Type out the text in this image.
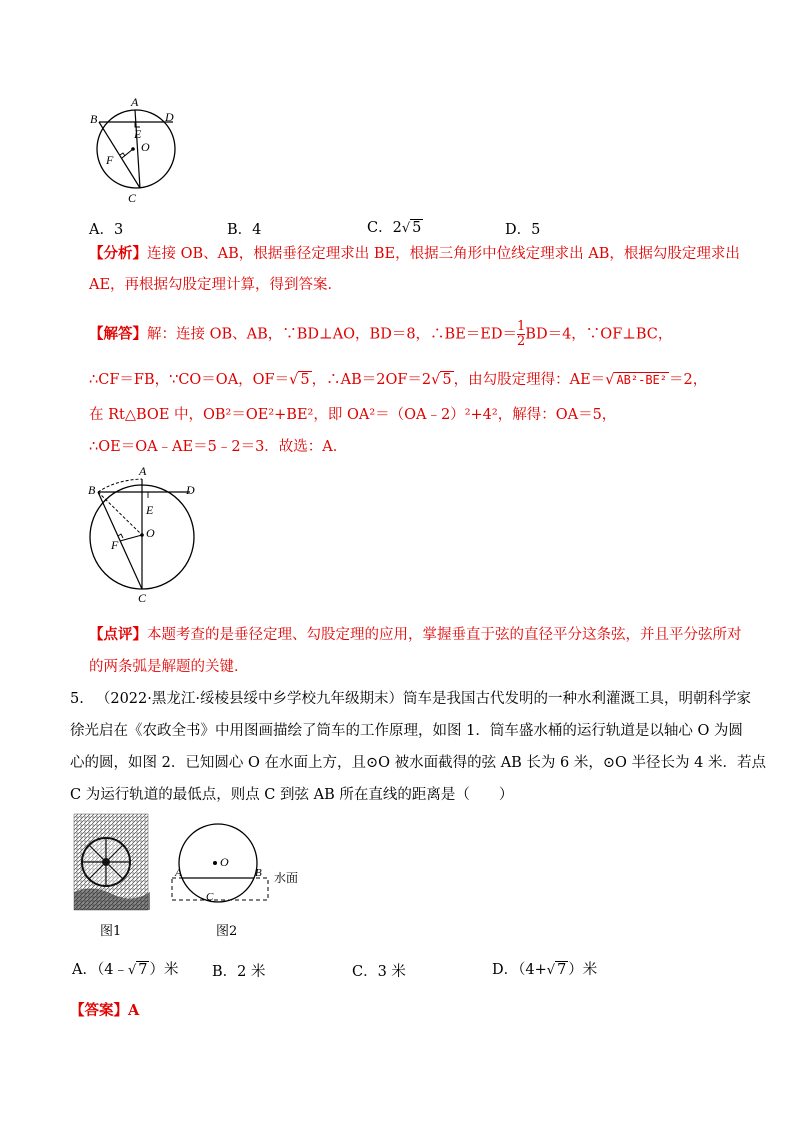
A
B	D
E
O
F
C
A．3	B．4	C．2√ 5	D．5
【分析】连接 OB、AB，根据垂径定理求出 BE，根据三角形中位线定理求出 AB，根据勾股定理求出
AE，再根据勾股定理计算，得到答案．
【解答】解：连接 OB、AB，∵BD⊥AO，BD＝8，∴BE＝ED＝ $\frac{1}{2} BD=4$，∵OF⊥BC，
∴CF＝FB，∵CO＝OA，OF＝√ 5 ，∴AB＝2OF＝2√ 5 ，由勾股定理得：AE＝√ AB²-BE² ＝2，
在 Rt△BOE 中，OB²＝OE²+BE²，即 OA²＝（OA﹣2）²+4²，解得：OA＝5，
∴OE＝OA﹣AE＝5﹣2＝3．故选：A．
A
B	D
E
O
F
C
【点评】本题考查的是垂径定理、勾股定理的应用，掌握垂直于弦的直径平分这条弦，并且平分弦所对
的两条弧是解题的关键．
5. （2022·黑龙江·绥棱县绥中乡学校九年级期末）筒车是我国古代发明的一种水利灌溉工具，明朝科学家
徐光启在《农政全书》中用图画描绘了筒车的工作原理，如图 1．筒车盛水桶的运行轨道是以轴心 O 为圆
心的圆，如图 2．已知圆心 O 在水面上方，且⊙O 被水面截得的弦 AB 长为 6 米，⊙O 半径长为 4 米．若点
C 为运行轨道的最低点，则点 C 到弦 AB 所在直线的距离是（　　）
图1
O
A	B
C
水面
图2
A．（4﹣√ 7 ）米 B．2 米	C．3 米	D．（4+√ 7 ）米
【答案】A
